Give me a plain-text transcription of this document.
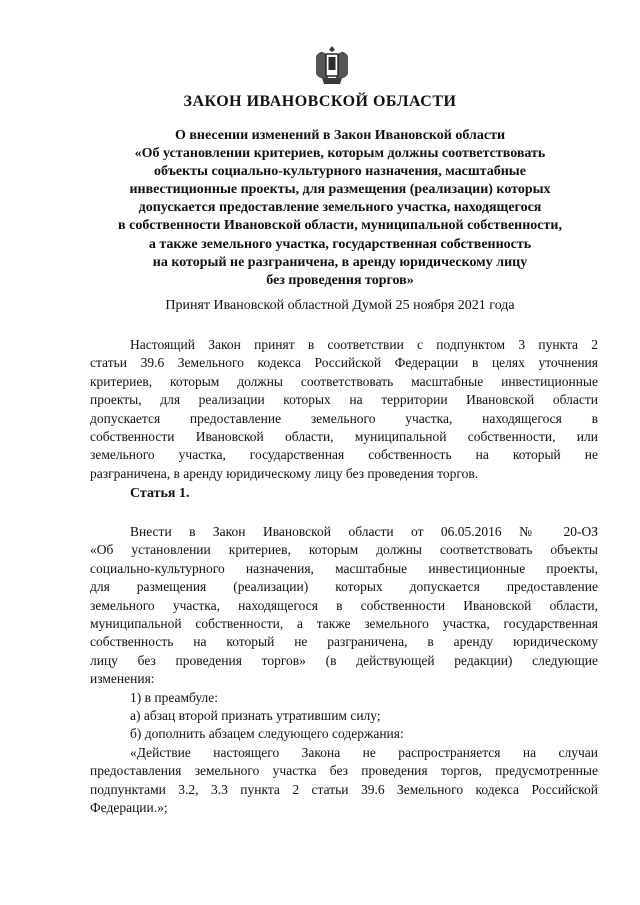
ЗАКОН ИВАНОВСКОЙ ОБЛАСТИ
О внесении изменений в Закон Ивановской области
«Об установлении критериев, которым должны соответствовать
объекты социально-культурного назначения, масштабные
инвестиционные проекты, для размещения (реализации) которых
допускается предоставление земельного участка, находящегося
в собственности Ивановской области, муниципальной собственности,
а также земельного участка, государственная собственность
на который не разграничена, в аренду юридическому лицу
без проведения торгов»

Принят Ивановской областной Думой 25 ноября 2021 года

Настоящий Закон принят в соответствии с подпунктом 3 пункта 2
статьи 39.6 Земельного кодекса Российской Федерации в целях уточнения
критериев, которым должны соответствовать масштабные инвестиционные
проекты, для реализации которых на территории Ивановской области
допускается предоставление земельного участка, находящегося в
собственности Ивановской области, муниципальной собственности, или
земельного участка, государственная собственность на который не
разграничена, в аренду юридическому лицу без проведения торгов.

Статья 1.

Внести в Закон Ивановской области от 06.05.2016 № 20-ОЗ
«Об установлении критериев, которым должны соответствовать объекты
социально-культурного назначения, масштабные инвестиционные проекты,
для размещения (реализации) которых допускается предоставление
земельного участка, находящегося в собственности Ивановской области,
муниципальной собственности, а также земельного участка, государственная
собственность на который не разграничена, в аренду юридическому
лицу без проведения торгов» (в действующей редакции) следующие
изменения:
1) в преамбуле:
а) абзац второй признать утратившим силу;
б) дополнить абзацем следующего содержания:
«Действие настоящего Закона не распространяется на случаи
предоставления земельного участка без проведения торгов, предусмотренные
подпунктами 3.2, 3.3 пункта 2 статьи 39.6 Земельного кодекса Российской
Федерации.»;
